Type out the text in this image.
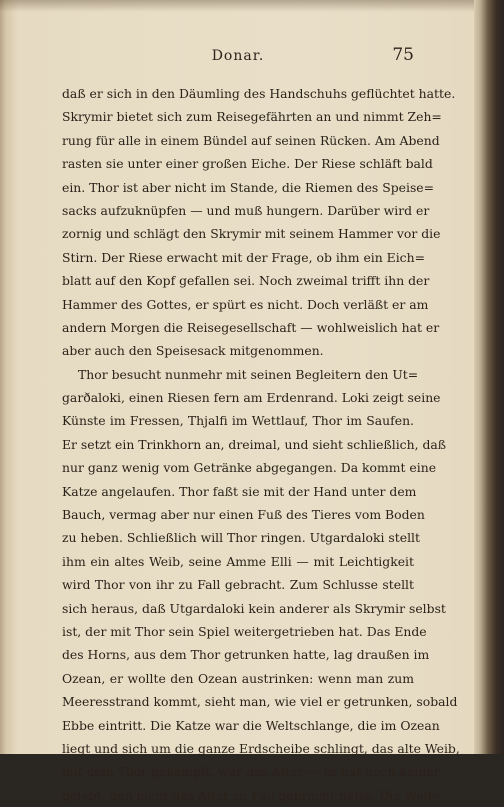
Donar.	75
daß er sich in den Däumling des Handschuhs geflüchtet hatte.
Skrymir bietet sich zum Reisegefährten an und nimmt Zeh=
rung für alle in einem Bündel auf seinen Rücken. Am Abend
rasten sie unter einer großen Eiche. Der Riese schläft bald
ein. Thor ist aber nicht im Stande, die Riemen des Speise=
sacks aufzuknüpfen — und muß hungern. Darüber wird er
zornig und schlägt den Skrymir mit seinem Hammer vor die
Stirn. Der Riese erwacht mit der Frage, ob ihm ein Eich=
blatt auf den Kopf gefallen sei. Noch zweimal trifft ihn der
Hammer des Gottes, er spürt es nicht. Doch verläßt er am
andern Morgen die Reisegesellschaft — wohlweislich hat er
aber auch den Speisesack mitgenommen.
Thor besucht nunmehr mit seinen Begleitern den Ut=
garðaloki, einen Riesen fern am Erdenrand. Loki zeigt seine
Künste im Fressen, Thjalfi im Wettlauf, Thor im Saufen.
Er setzt ein Trinkhorn an, dreimal, und sieht schließlich, daß
nur ganz wenig vom Getränke abgegangen. Da kommt eine
Katze angelaufen. Thor faßt sie mit der Hand unter dem
Bauch, vermag aber nur einen Fuß des Tieres vom Boden
zu heben. Schließlich will Thor ringen. Utgardaloki stellt
ihm ein altes Weib, seine Amme Elli — mit Leichtigkeit
wird Thor von ihr zu Fall gebracht. Zum Schlusse stellt
sich heraus, daß Utgardaloki kein anderer als Skrymir selbst
ist, der mit Thor sein Spiel weitergetrieben hat. Das Ende
des Horns, aus dem Thor getrunken hatte, lag draußen im
Ozean, er wollte den Ozean austrinken: wenn man zum
Meeresstrand kommt, sieht man, wie viel er getrunken, sobald
Ebbe eintritt. Die Katze war die Weltschlange, die im Ozean
liegt und sich um die ganze Erdscheibe schlingt, das alte Weib,
mit dem Thor gekämpft, war das Alter — es hat noch keiner
gelebt, den nicht das Alter zu Fall gebracht hätte. Die Welt=
